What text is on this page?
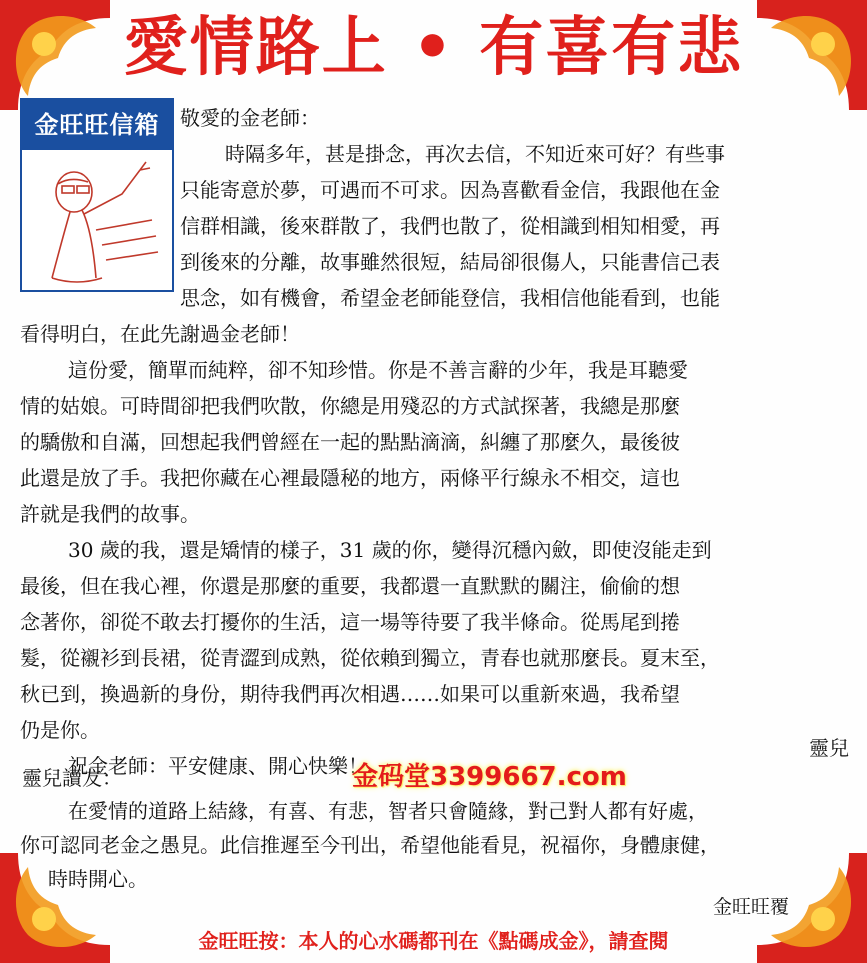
愛情路上 • 有喜有悲
金旺旺信箱	敬愛的金老師：
時隔多年，甚是掛念，再次去信，不知近來可好？有些事
只能寄意於夢，可遇而不可求。因為喜歡看金信，我跟他在金
信群相識，後來群散了，我們也散了，從相識到相知相愛，再
到後來的分離，故事雖然很短，結局卻很傷人，只能書信己表
思念，如有機會，希望金老師能登信，我相信他能看到，也能
看得明白，在此先謝過金老師！
這份愛，簡單而純粹，卻不知珍惜。你是不善言辭的少年，我是耳聽愛
情的姑娘。可時間卻把我們吹散，你總是用殘忍的方式試探著，我總是那麼
的驕傲和自滿，回想起我們曾經在一起的點點滴滴，糾纏了那麼久，最後彼
此還是放了手。我把你藏在心裡最隱秘的地方，兩條平行線永不相交，這也
許就是我們的故事。
30 歲的我，還是矯情的樣子，31 歲的你，變得沉穩內斂，即使沒能走到
最後，但在我心裡，你還是那麼的重要，我都還一直默默的關注，偷偷的想
念著你，卻從不敢去打擾你的生活，這一場等待要了我半條命。從馬尾到捲
髮，從襯衫到長裙，從青澀到成熟，從依賴到獨立，青春也就那麼長。夏末至，
秋已到，換過新的身份，期待我們再次相遇……如果可以重新來過，我希望
仍是你。
祝金老師：平安健康、開心快樂！
靈兒
靈兒讀友：
在愛情的道路上結緣，有喜、有悲，智者只會隨緣，對己對人都有好處，
你可認同老金之愚見。此信推遲至今刊出，希望他能看見，祝福你，身體康健，
時時開心。
金旺旺覆
金码堂3399667.com
金旺旺按：本人的心水碼都刊在《點碼成金》，請查閱
